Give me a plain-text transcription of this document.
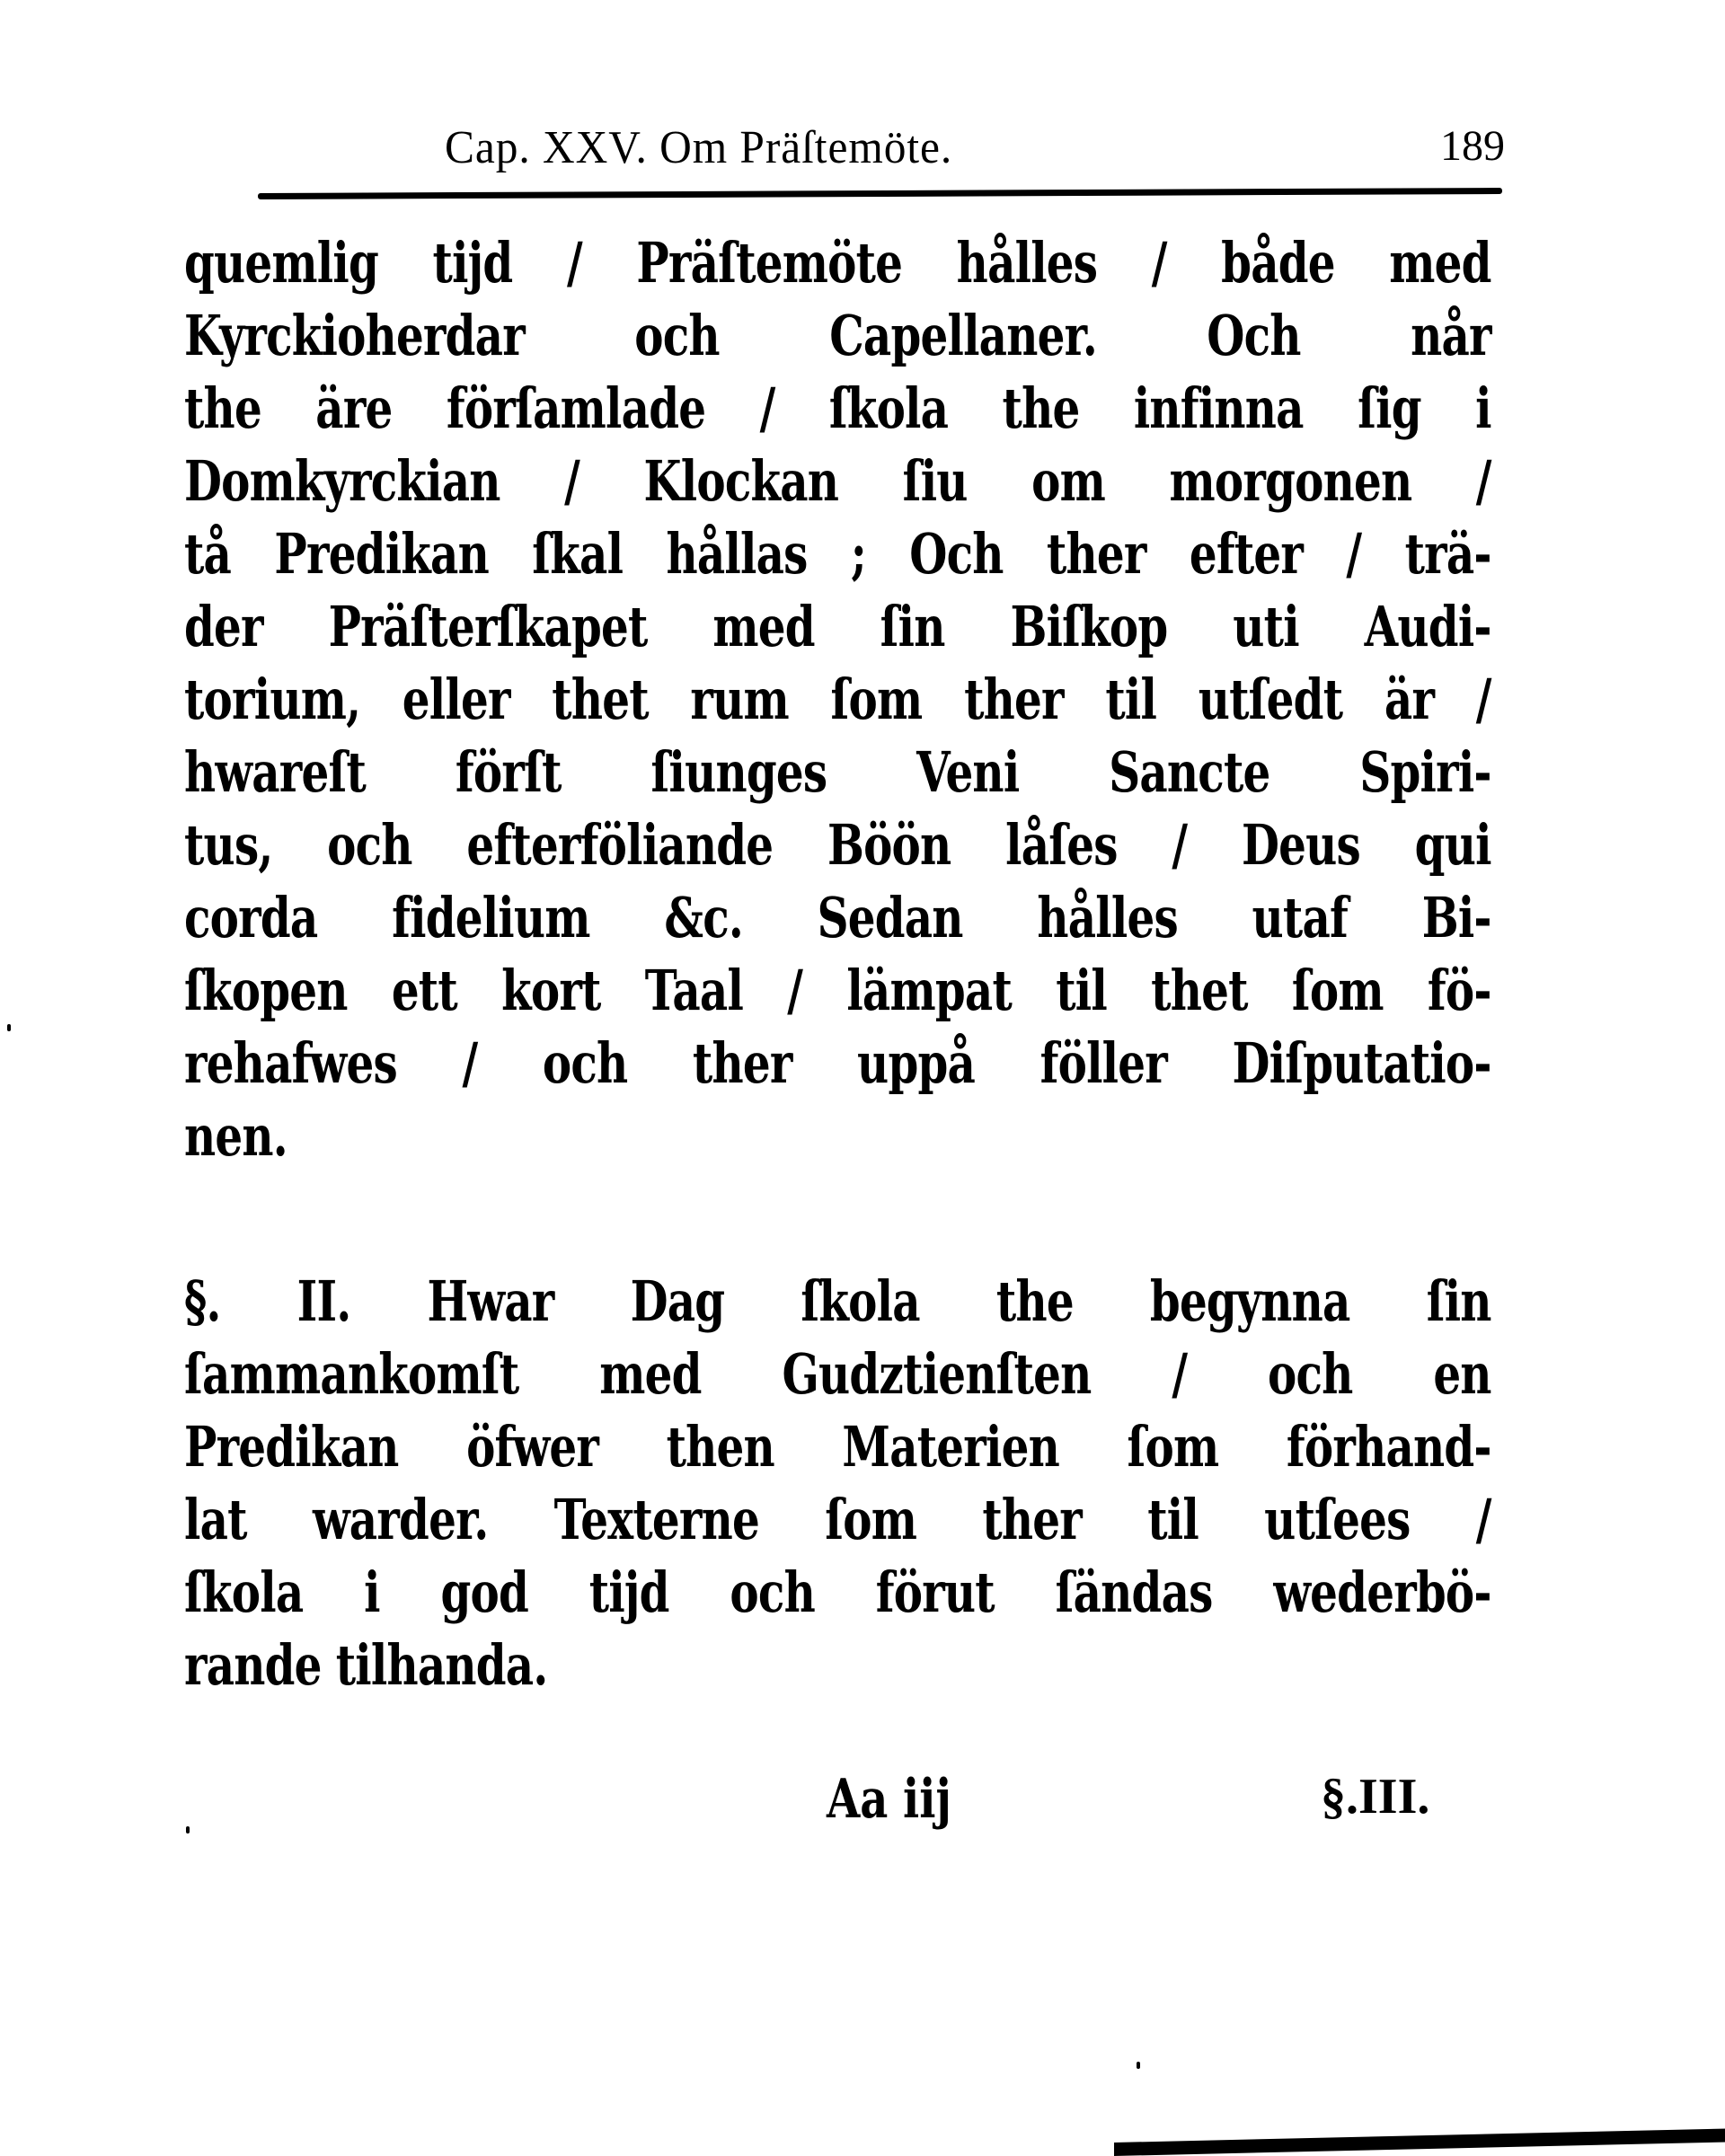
Cap. XXV. Om Präſtemöte.	189
quemlig tijd / Präſtemöte hålles / både med
Kyrckioherdar och Capellaner. Och når
the äre förſamlade / ſkola the infinna ſig i
Domkyrckian / Klockan ſiu om morgonen /
tå Predikan ſkal hållas ; Och ther efter / trä-
der Präſterſkapet med ſin Biſkop uti Audi-
torium, eller thet rum ſom ther til utſedt är /
hwareſt förſt ſiunges Veni Sancte Spiri-
tus, och efterföliande Böön låſes / Deus qui
corda fidelium &c. Sedan hålles utaf Bi-
ſkopen ett kort Taal / lämpat til thet ſom fö-
rehafwes / och ther uppå föller Diſputatio-
nen.
§. II. Hwar Dag ſkola the begynna ſin
ſammankomſt med Gudztienſten / och en
Predikan öfwer then Materien ſom förhand-
lat warder. Texterne ſom ther til utſees /
ſkola i god tijd och förut ſändas wederbö-
rande tilhanda.
Aa iij	§.III.
